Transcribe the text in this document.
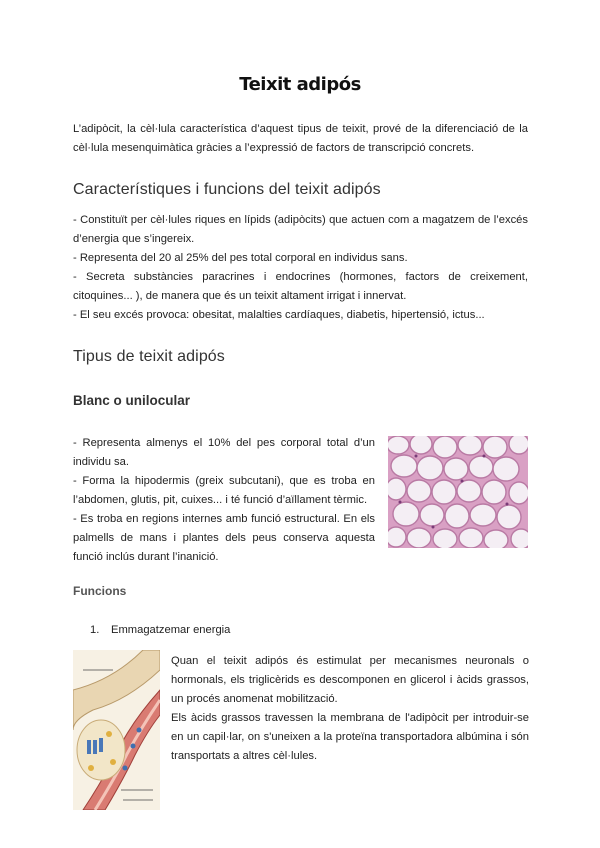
Teixit adipós

L’adipòcit, la cèl·lula característica d’aquest tipus de teixit, prové de la diferenciació de la cèl·lula mesenquimàtica gràcies a l’expressió de factors de transcripció concrets.

Característiques i funcions del teixit adipós

- Constituït per cèl·lules riques en lípids (adipòcits) que actuen com a magatzem de l’excés d’energia que s’ingereix.

- Representa del 20 al 25% del pes total corporal en individus sans.

- Secreta substàncies paracrines i endocrines (hormones, factors de creixement, citoquines... ), de manera que és un teixit altament irrigat i innervat.

- El seu excés provoca: obesitat, malalties cardíaques, diabetis, hipertensió, ictus...

Tipus de teixit adipós
Blanc o unilocular

- Representa almenys el 10% del pes corporal total d’un individu sa.

- Forma la hipodermis (greix subcutani), que es troba en l’abdomen, glutis, pit, cuixes... i té funció d’aïllament tèrmic.

- Es troba en regions internes amb funció estructural. En els palmells de mans i plantes dels peus conserva aquesta funció inclús durant l’inanició.

Funcions
1. Emmagatzemar energia

Quan el teixit adipós és estimulat per mecanismes neuronals o hormonals, els triglicèrids es descomponen en glicerol i àcids grassos, un procés anomenat mobilització.

Els àcids grassos travessen la membrana de l'adipòcit per introduir-se en un capil·lar, on s'uneixen a la proteïna transportadora albúmina i són transportats a altres cèl·lules.
